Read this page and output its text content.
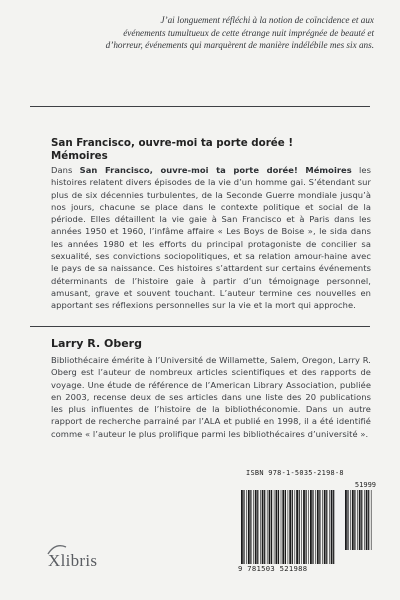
J’ai longuement réfléchi à la notion de coïncidence et aux
événements tumultueux de cette étrange nuit imprégnée de beauté et
d’horreur, événements qui marquèrent de manière indélébile mes six ans.

San Francisco, ouvre-moi ta porte dorée !

Mémoires

Dans San Francisco, ouvre-moi ta porte dorée! Mémoires les histoires relatent divers épisodes de la vie d’un homme gai. S’étendant sur plus de six décennies turbulentes, de la Seconde Guerre mondiale jusqu’à nos jours, chacune se place dans le contexte politique et social de la période. Elles détaillent la vie gaie à San Francisco et à Paris dans les années 1950 et 1960, l’infâme affaire « Les Boys de Boise », le sida dans les années 1980 et les efforts du principal protagoniste de concilier sa sexualité, ses convictions sociopolitiques, et sa relation amour-haine avec le pays de sa naissance. Ces histoires s’attardent sur certains événements déterminants de l’histoire gaie à partir d’un témoignage personnel, amusant, grave et souvent touchant. L’auteur termine ces nouvelles en apportant ses réflexions personnelles sur la vie et la mort qui approche.

Larry R. Oberg

Bibliothécaire émérite à l’Université de Willamette, Salem, Oregon, Larry R. Oberg est l’auteur de nombreux articles scientifiques et des rapports de voyage. Une étude de référence de l’American Library Association, publiée en 2003, recense deux de ses articles dans une liste des 20 publications les plus influentes de l’histoire de la bibliothéconomie. Dans un autre rapport de recherche parrainé par l’ALA et publié en 1998, il a été identifié comme « l’auteur le plus prolifique parmi les bibliothécaires d’université ».

Xlibris
ISBN 978-1-5035-2198-8
51999
9 781503 521988
